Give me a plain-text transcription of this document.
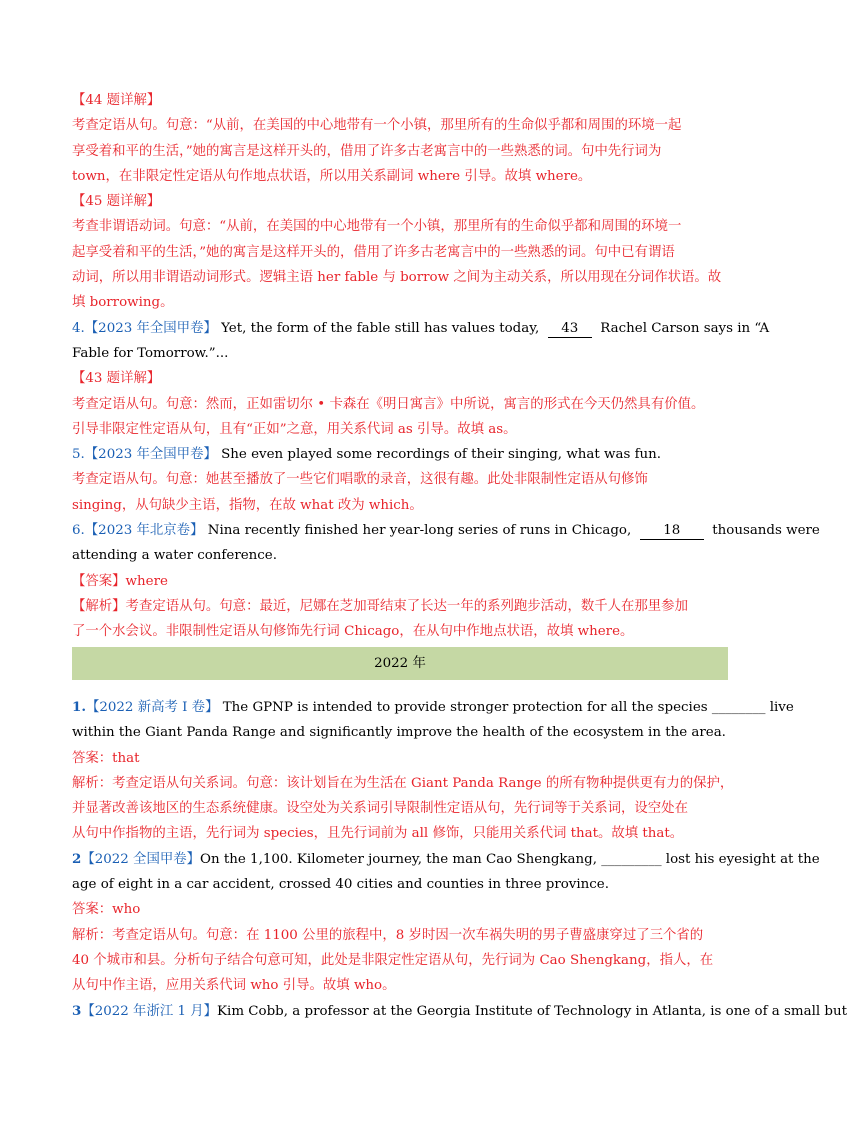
【44 题详解】
考查定语从句。句意：“从前，在美国的中心地带有一个小镇，那里所有的生命似乎都和周围的环境一起
享受着和平的生活，”她的寓言是这样开头的，借用了许多古老寓言中的一些熟悉的词。句中先行词为
town，在非限定性定语从句作地点状语，所以用关系副词 where 引导。故填 where。
【45 题详解】
考查非谓语动词。句意：“从前，在美国的中心地带有一个小镇，那里所有的生命似乎都和周围的环境一
起享受着和平的生活，”她的寓言是这样开头的，借用了许多古老寓言中的一些熟悉的词。句中已有谓语
动词，所以用非谓语动词形式。逻辑主语 her fable 与 borrow 之间为主动关系，所以用现在分词作状语。故
填 borrowing。
4.【2023 年全国甲卷】 Yet, the form of the fable still has values today, 43 Rachel Carson says in “A
Fable for Tomorrow.”...
【43 题详解】
考查定语从句。句意：然而，正如雷切尔 • 卡森在《明日寓言》中所说，寓言的形式在今天仍然具有价值。
引导非限定性定语从句，且有“正如”之意，用关系代词 as 引导。故填 as。
5.【2023 年全国甲卷】 She even played some recordings of their singing, what was fun.
考查定语从句。句意：她甚至播放了一些它们唱歌的录音，这很有趣。此处非限制性定语从句修饰
singing，从句缺少主语，指物，在故 what 改为 which。
6.【2023 年北京卷】 Nina recently finished her year-long series of runs in Chicago, 18 thousands were
attending a water conference.
【答案】where
【解析】考查定语从句。句意：最近，尼娜在芝加哥结束了长达一年的系列跑步活动，数千人在那里参加
了一个水会议。非限制性定语从句修饰先行词 Chicago，在从句中作地点状语，故填 where。
2022 年
1.【2022 新高考 I 卷】 The GPNP is intended to provide stronger protection for all the species ________ live
within the Giant Panda Range and significantly improve the health of the ecosystem in the area.
答案：that
解析：考查定语从句关系词。句意：该计划旨在为生活在 Giant Panda Range 的所有物种提供更有力的保护，
并显著改善该地区的生态系统健康。设空处为关系词引导限制性定语从句，先行词等于关系词，设空处在
从句中作指物的主语，先行词为 species，且先行词前为 all 修饰，只能用关系代词 that。故填 that。
2【2022 全国甲卷】On the 1,100. Kilometer journey, the man Cao Shengkang, _________ lost his eyesight at the
age of eight in a car accident, crossed 40 cities and counties in three province.
答案：who
解析：考查定语从句。句意：在 1100 公里的旅程中，8 岁时因一次车祸失明的男子曹盛康穿过了三个省的
40 个城市和县。分析句子结合句意可知，此处是非限定性定语从句，先行词为 Cao Shengkang，指人，在
从句中作主语，应用关系代词 who 引导。故填 who。
3【2022 年浙江 1 月】Kim Cobb, a professor at the Georgia Institute of Technology in Atlanta, is one of a small but
